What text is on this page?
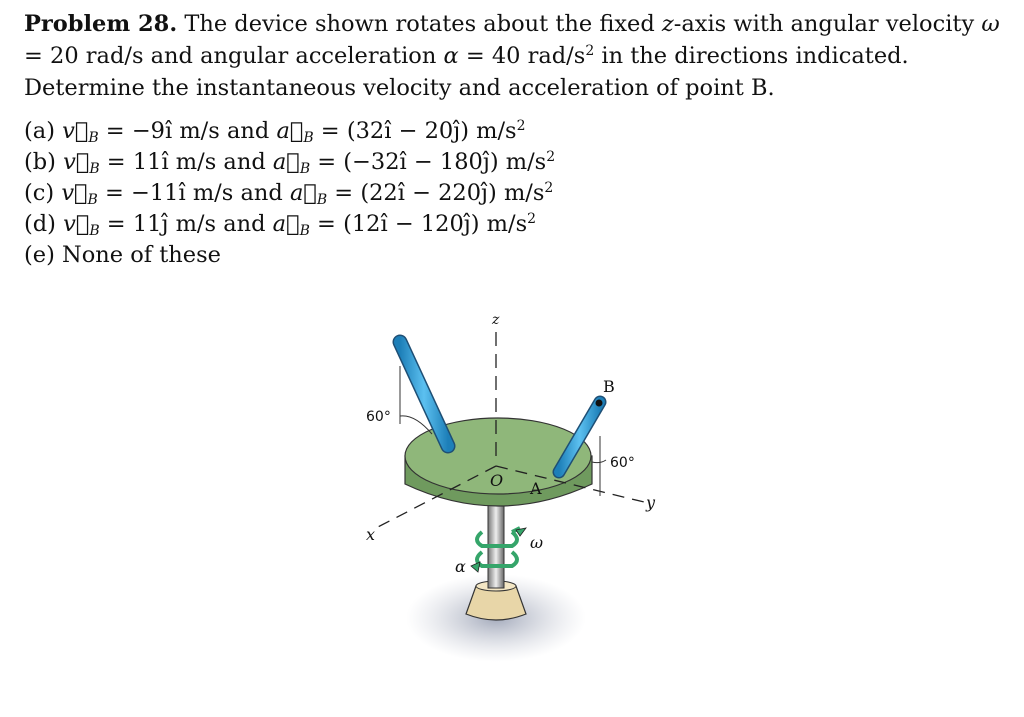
Problem 28. The device shown rotates about the fixed z-axis with angular velocity ω = 20 rad/s and angular acceleration α = 40 rad/$s^2$ in the directions indicated. Determine the instantaneous velocity and acceleration of point B.
(a) $v⃗_B$ = −9î m/s and $a⃗_B$ = (32î − 20ĵ) $m/s^2$
(b) $v⃗_B$ = 11î m/s and $a⃗_B$ = (−32î − 180ĵ) $m/s^2$
(c) $v⃗_B$ = −11î m/s and $a⃗_B$ = (22î − 220ĵ) $m/s^2$
(d) $v⃗_B$ = 11ĵ m/s and $a⃗_B$ = (12î − 120ĵ) $m/s^2$
(e) None of these
z
B
60°
60°
O A
y
x	ω
α
